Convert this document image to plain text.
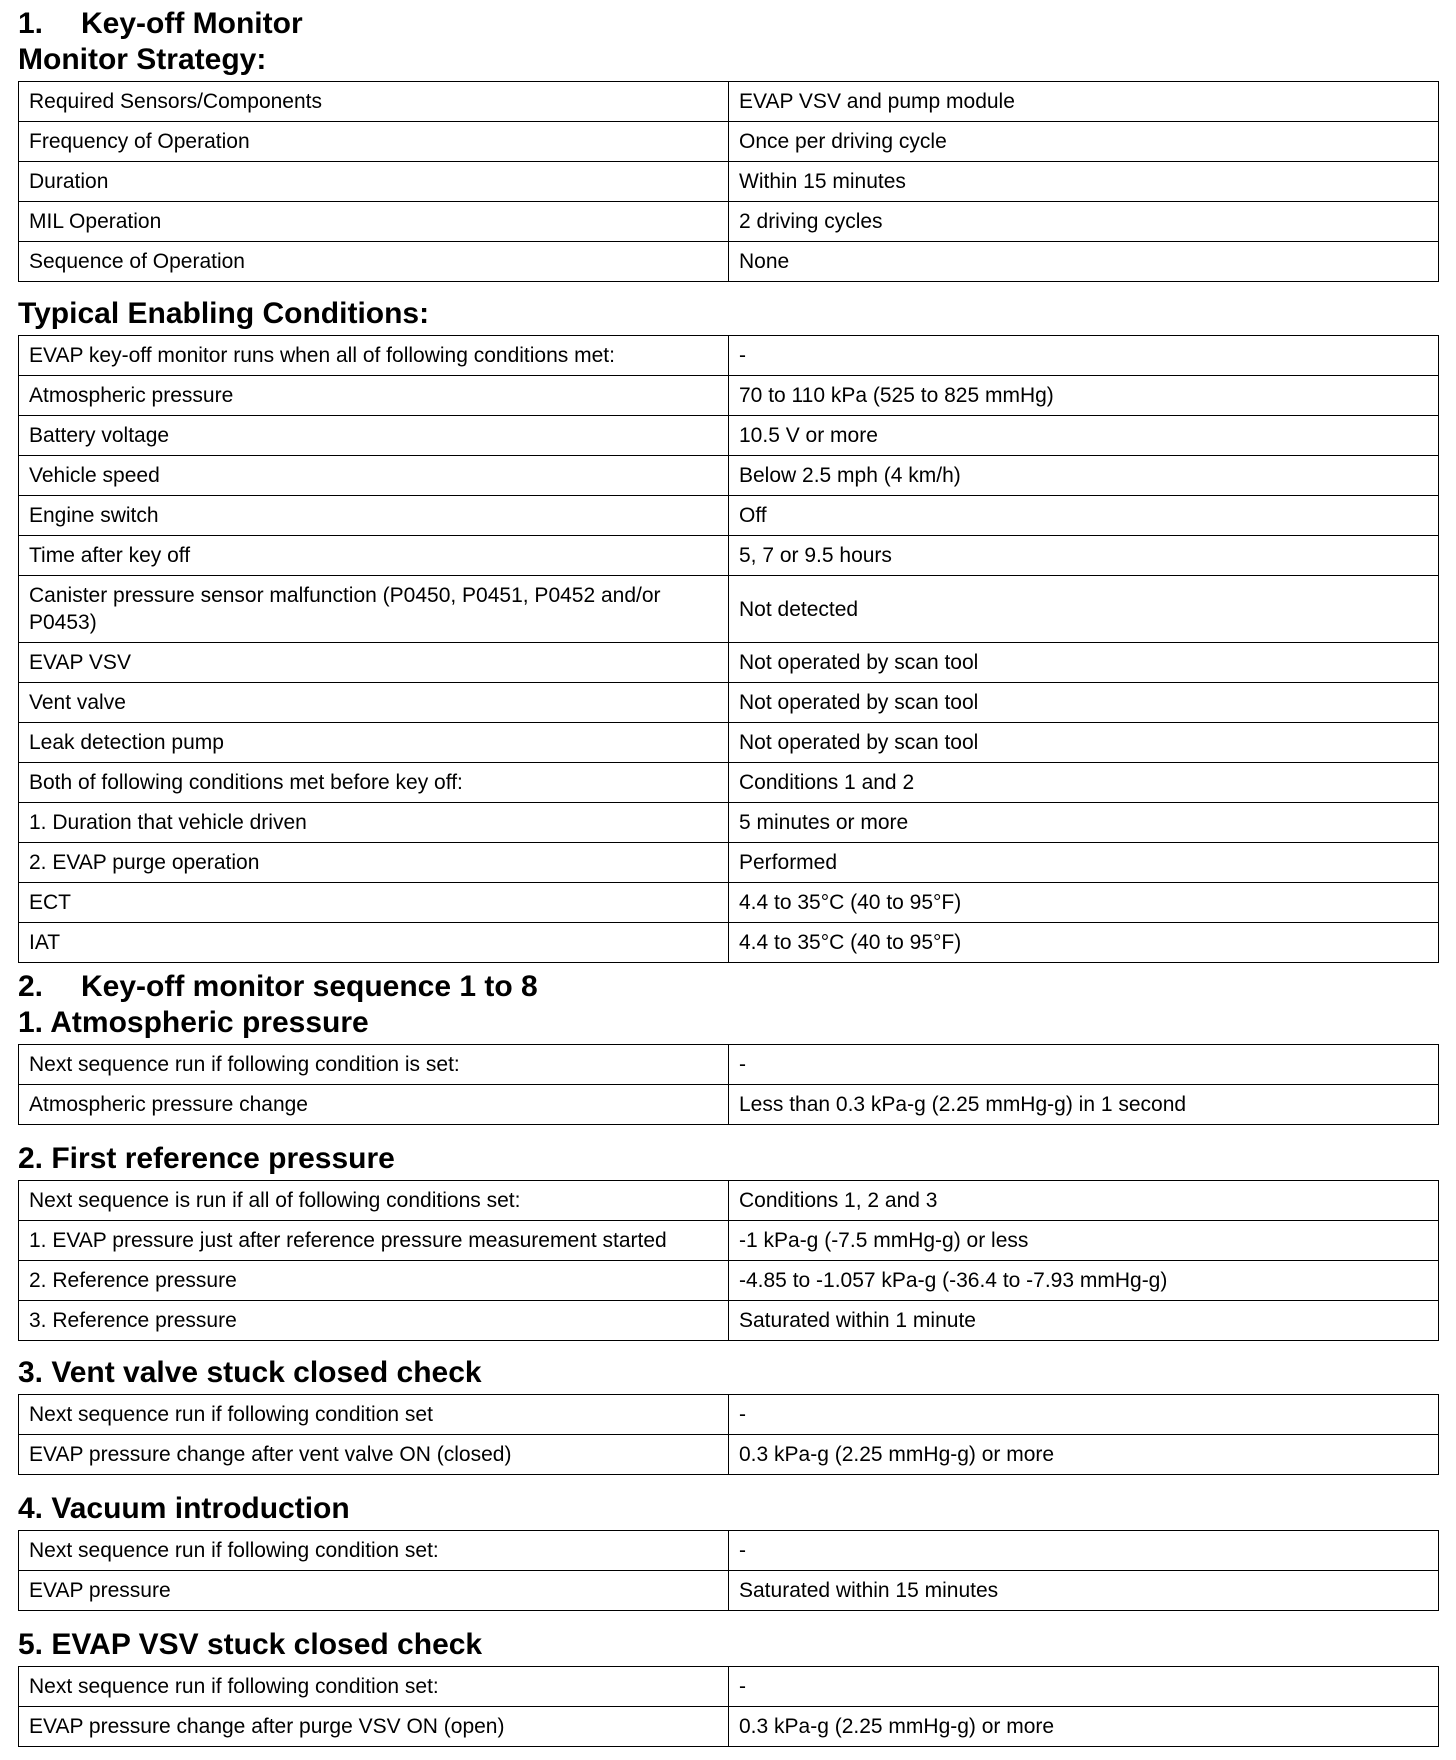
1. Key-off Monitor
Monitor Strategy:
Required Sensors/Components	EVAP VSV and pump module
Frequency of Operation	Once per driving cycle
Duration	Within 15 minutes
MIL Operation	2 driving cycles
Sequence of Operation	None
Typical Enabling Conditions:
EVAP key-off monitor runs when all of following conditions met:	-
Atmospheric pressure	70 to 110 kPa (525 to 825 mmHg)
Battery voltage	10.5 V or more
Vehicle speed	Below 2.5 mph (4 km/h)
Engine switch	Off
Time after key off	5, 7 or 9.5 hours
Canister pressure sensor malfunction (P0450, P0451, P0452 and/or P0453)	Not detected
EVAP VSV	Not operated by scan tool
Vent valve	Not operated by scan tool
Leak detection pump	Not operated by scan tool
Both of following conditions met before key off:	Conditions 1 and 2
1. Duration that vehicle driven	5 minutes or more
2. EVAP purge operation	Performed
ECT	4.4 to 35°C (40 to 95°F)
IAT	4.4 to 35°C (40 to 95°F)
2. Key-off monitor sequence 1 to 8
1. Atmospheric pressure
Next sequence run if following condition is set:	-
Atmospheric pressure change	Less than 0.3 kPa-g (2.25 mmHg-g) in 1 second
2. First reference pressure
Next sequence is run if all of following conditions set:	Conditions 1, 2 and 3
1. EVAP pressure just after reference pressure measurement started	-1 kPa-g (-7.5 mmHg-g) or less
2. Reference pressure	-4.85 to -1.057 kPa-g (-36.4 to -7.93 mmHg-g)
3. Reference pressure	Saturated within 1 minute
3. Vent valve stuck closed check
Next sequence run if following condition set	-
EVAP pressure change after vent valve ON (closed)	0.3 kPa-g (2.25 mmHg-g) or more
4. Vacuum introduction
Next sequence run if following condition set:	-
EVAP pressure	Saturated within 15 minutes
5. EVAP VSV stuck closed check
Next sequence run if following condition set:	-
EVAP pressure change after purge VSV ON (open)	0.3 kPa-g (2.25 mmHg-g) or more
